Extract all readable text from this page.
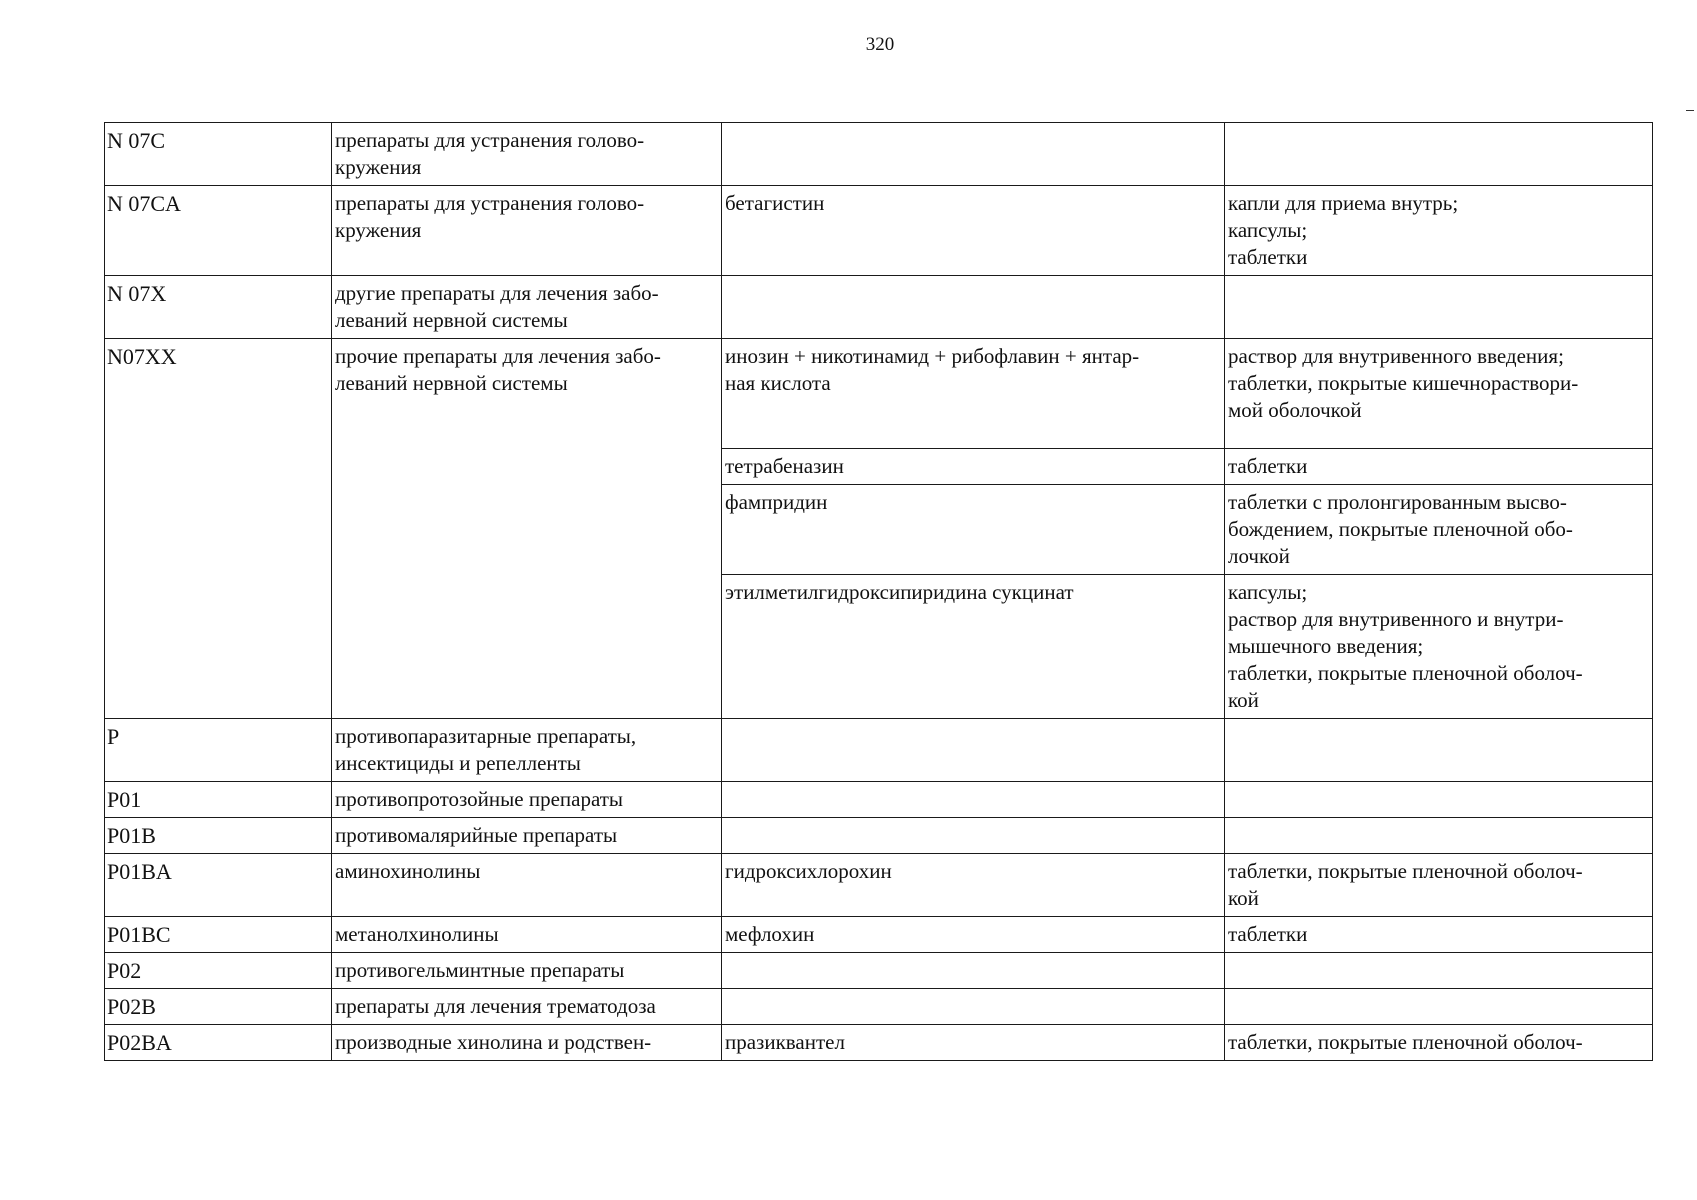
320
N 07C	препараты для устранения голово-
кружения		

N 07CA	препараты для устранения голово-
кружения	бетагистин	капли для приема внутрь;
капсулы;
таблетки

N 07X	другие препараты для лечения забо-
леваний нервной системы		

N07XX	прочие препараты для лечения забо-
леваний нервной системы	инозин + никотинамид + рибофлавин + янтар-
ная кислота	раствор для внутривенного введения;
таблетки, покрытые кишечнораствори-
мой оболочкой

		тетрабеназин	таблетки

		фампридин	таблетки с пролонгированным высво-
бождением, покрытые пленочной обо-
лочкой

		этилметилгидроксипиридина сукцинат	капсулы;
раствор для внутривенного и внутри-
мышечного введения;
таблетки, покрытые пленочной оболоч-
кой

P	противопаразитарные препараты,
инсектициды и репелленты		

P01	противопротозойные препараты		

P01B	противомалярийные препараты		

P01BA	аминохинолины	гидроксихлорохин	таблетки, покрытые пленочной оболоч-
кой

P01BC	метанолхинолины	мефлохин	таблетки

P02	противогельминтные препараты		

P02B	препараты для лечения трематодоза		

P02BA	производные хинолина и родствен-	празиквантел	таблетки, покрытые пленочной оболоч-
